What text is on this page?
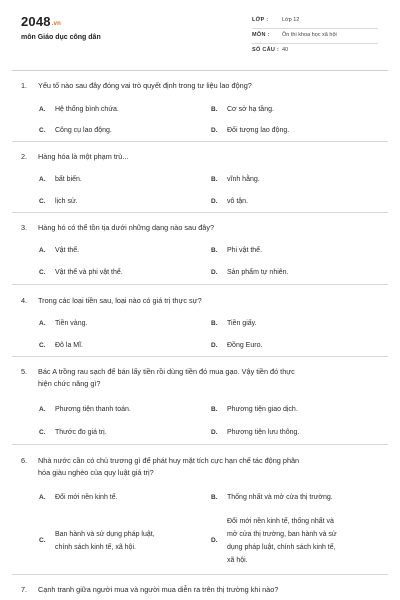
2048.vn
môn Giáo dục công dân
LỚP : Lớp 12
MÔN : Ôn thi khoa học xã hội
SỐ CÂU : 40
1. Yếu tố nào sau đây đóng vai trò quyết định trong tư liệu lao động?
A. Hệ thống bình chứa.	B. Cơ sở hạ tầng.
C. Công cụ lao động.	D. Đối tượng lao động.
2. Hàng hóa là một phạm trù...
A. bất biến.	B. vĩnh hằng.
C. lịch sử.	D. vô tận.
3. Hàng hó có thể tồn tịa dưới những dạng nào sau đây?
A. Vật thể.	B. Phi vật thể.
C. Vật thể và phi vật thể.	D. Sản phẩm tự nhiên.
4. Trong các loại tiền sau, loại nào có giá trị thực sự?
A. Tiền vàng.	B. Tiền giấy.
C. Đô la Mĩ.	D. Đồng Euro.
5. Bác A trồng rau sạch để bán lấy tiền rồi dùng tiền đó mua gạo. Vậy tiền đó thực
hiện chức năng gì?
A. Phương tiện thanh toán.	B. Phương tiện giao dịch.
C. Thước đo giá trị.	D. Phương tiện lưu thông.
6. Nhà nước cần có chủ trương gì để phát huy mặt tích cực hạn chế tác động phân
hóa giàu nghèo của quy luật giá trị?
A. Đổi mới nền kinh tế.	B. Thống nhất và mở cửa thị trường.
C.
Ban hành và sử dụng pháp luật,
chính sách kinh tế, xã hội.
D.
Đổi mới nền kinh tế, thống nhất và
mở cửa thị trường, ban hành và sử
dụng pháp luật, chính sách kinh tế,
xã hội.
7. Cạnh tranh giữa người mua và người mua diễn ra trên thị trường khi nào?
